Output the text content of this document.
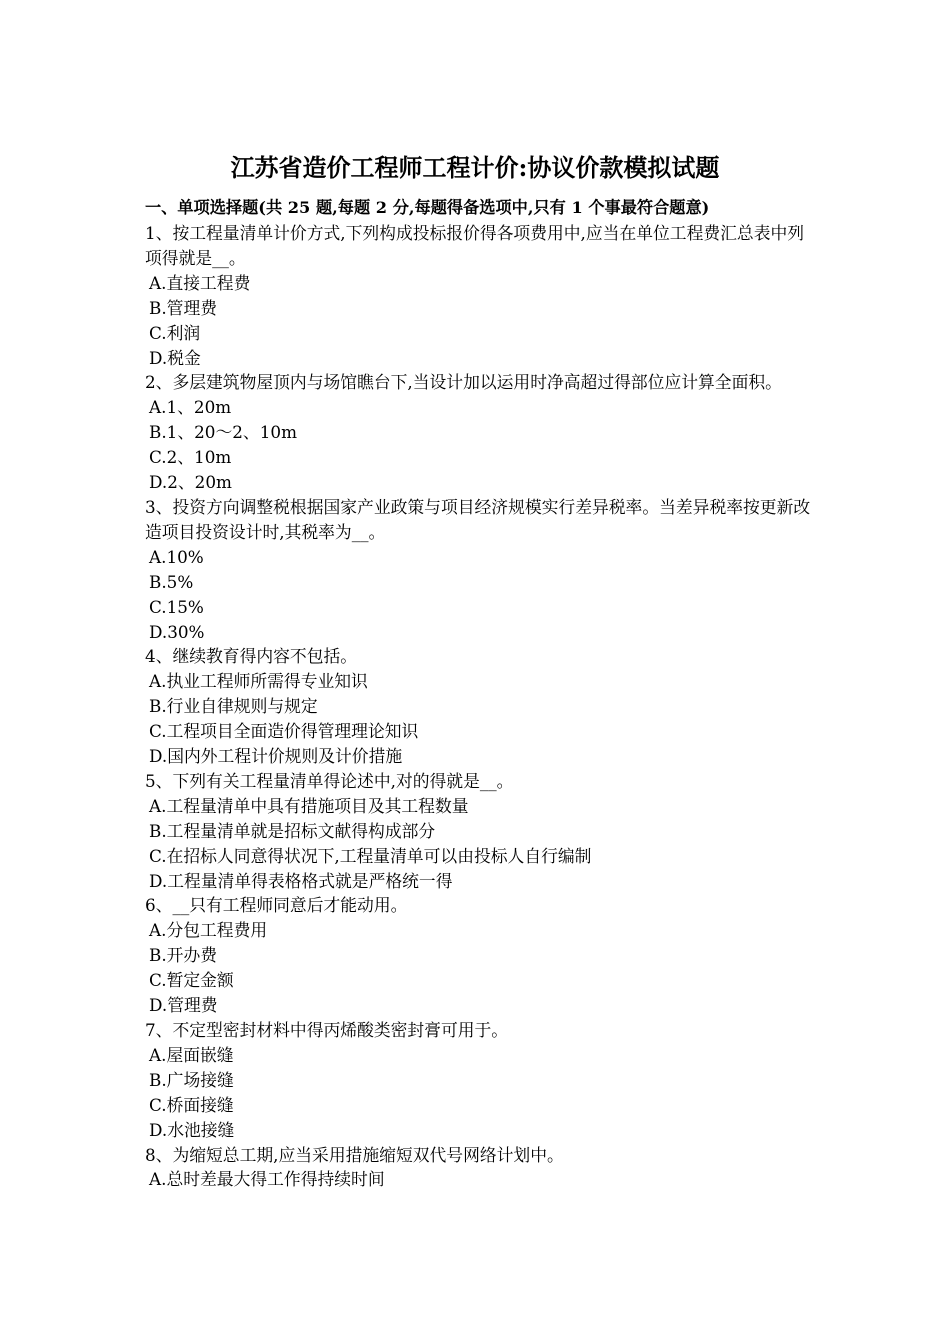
江苏省造价工程师工程计价:协议价款模拟试题

一、单项选择题(共 25 题,每题 2 分,每题得备选项中,只有 1 个事最符合题意)

1、按工程量清单计价方式,下列构成投标报价得各项费用中,应当在单位工程费汇总表中列项得就是__。

A.直接工程费
B.管理费
C.利润
D.税金

2、多层建筑物屋顶内与场馆瞧台下,当设计加以运用时净高超过得部位应计算全面积。

A.1、20m
B.1、20～2、10m
C.2、10m
D.2、20m

3、投资方向调整税根据国家产业政策与项目经济规模实行差异税率。当差异税率按更新改造项目投资设计时,其税率为__。

A.10%
B.5%
C.15%
D.30%

4、继续教育得内容不包括。

A.执业工程师所需得专业知识
B.行业自律规则与规定
C.工程项目全面造价得管理理论知识
D.国内外工程计价规则及计价措施

5、下列有关工程量清单得论述中,对的得就是__。

A.工程量清单中具有措施项目及其工程数量
B.工程量清单就是招标文献得构成部分
C.在招标人同意得状况下,工程量清单可以由投标人自行编制
D.工程量清单得表格格式就是严格统一得

6、__只有工程师同意后才能动用。

A.分包工程费用
B.开办费
C.暂定金额
D.管理费

7、不定型密封材料中得丙烯酸类密封膏可用于。

A.屋面嵌缝
B.广场接缝
C.桥面接缝
D.水池接缝

8、为缩短总工期,应当采用措施缩短双代号网络计划中。

A.总时差最大得工作得持续时间
